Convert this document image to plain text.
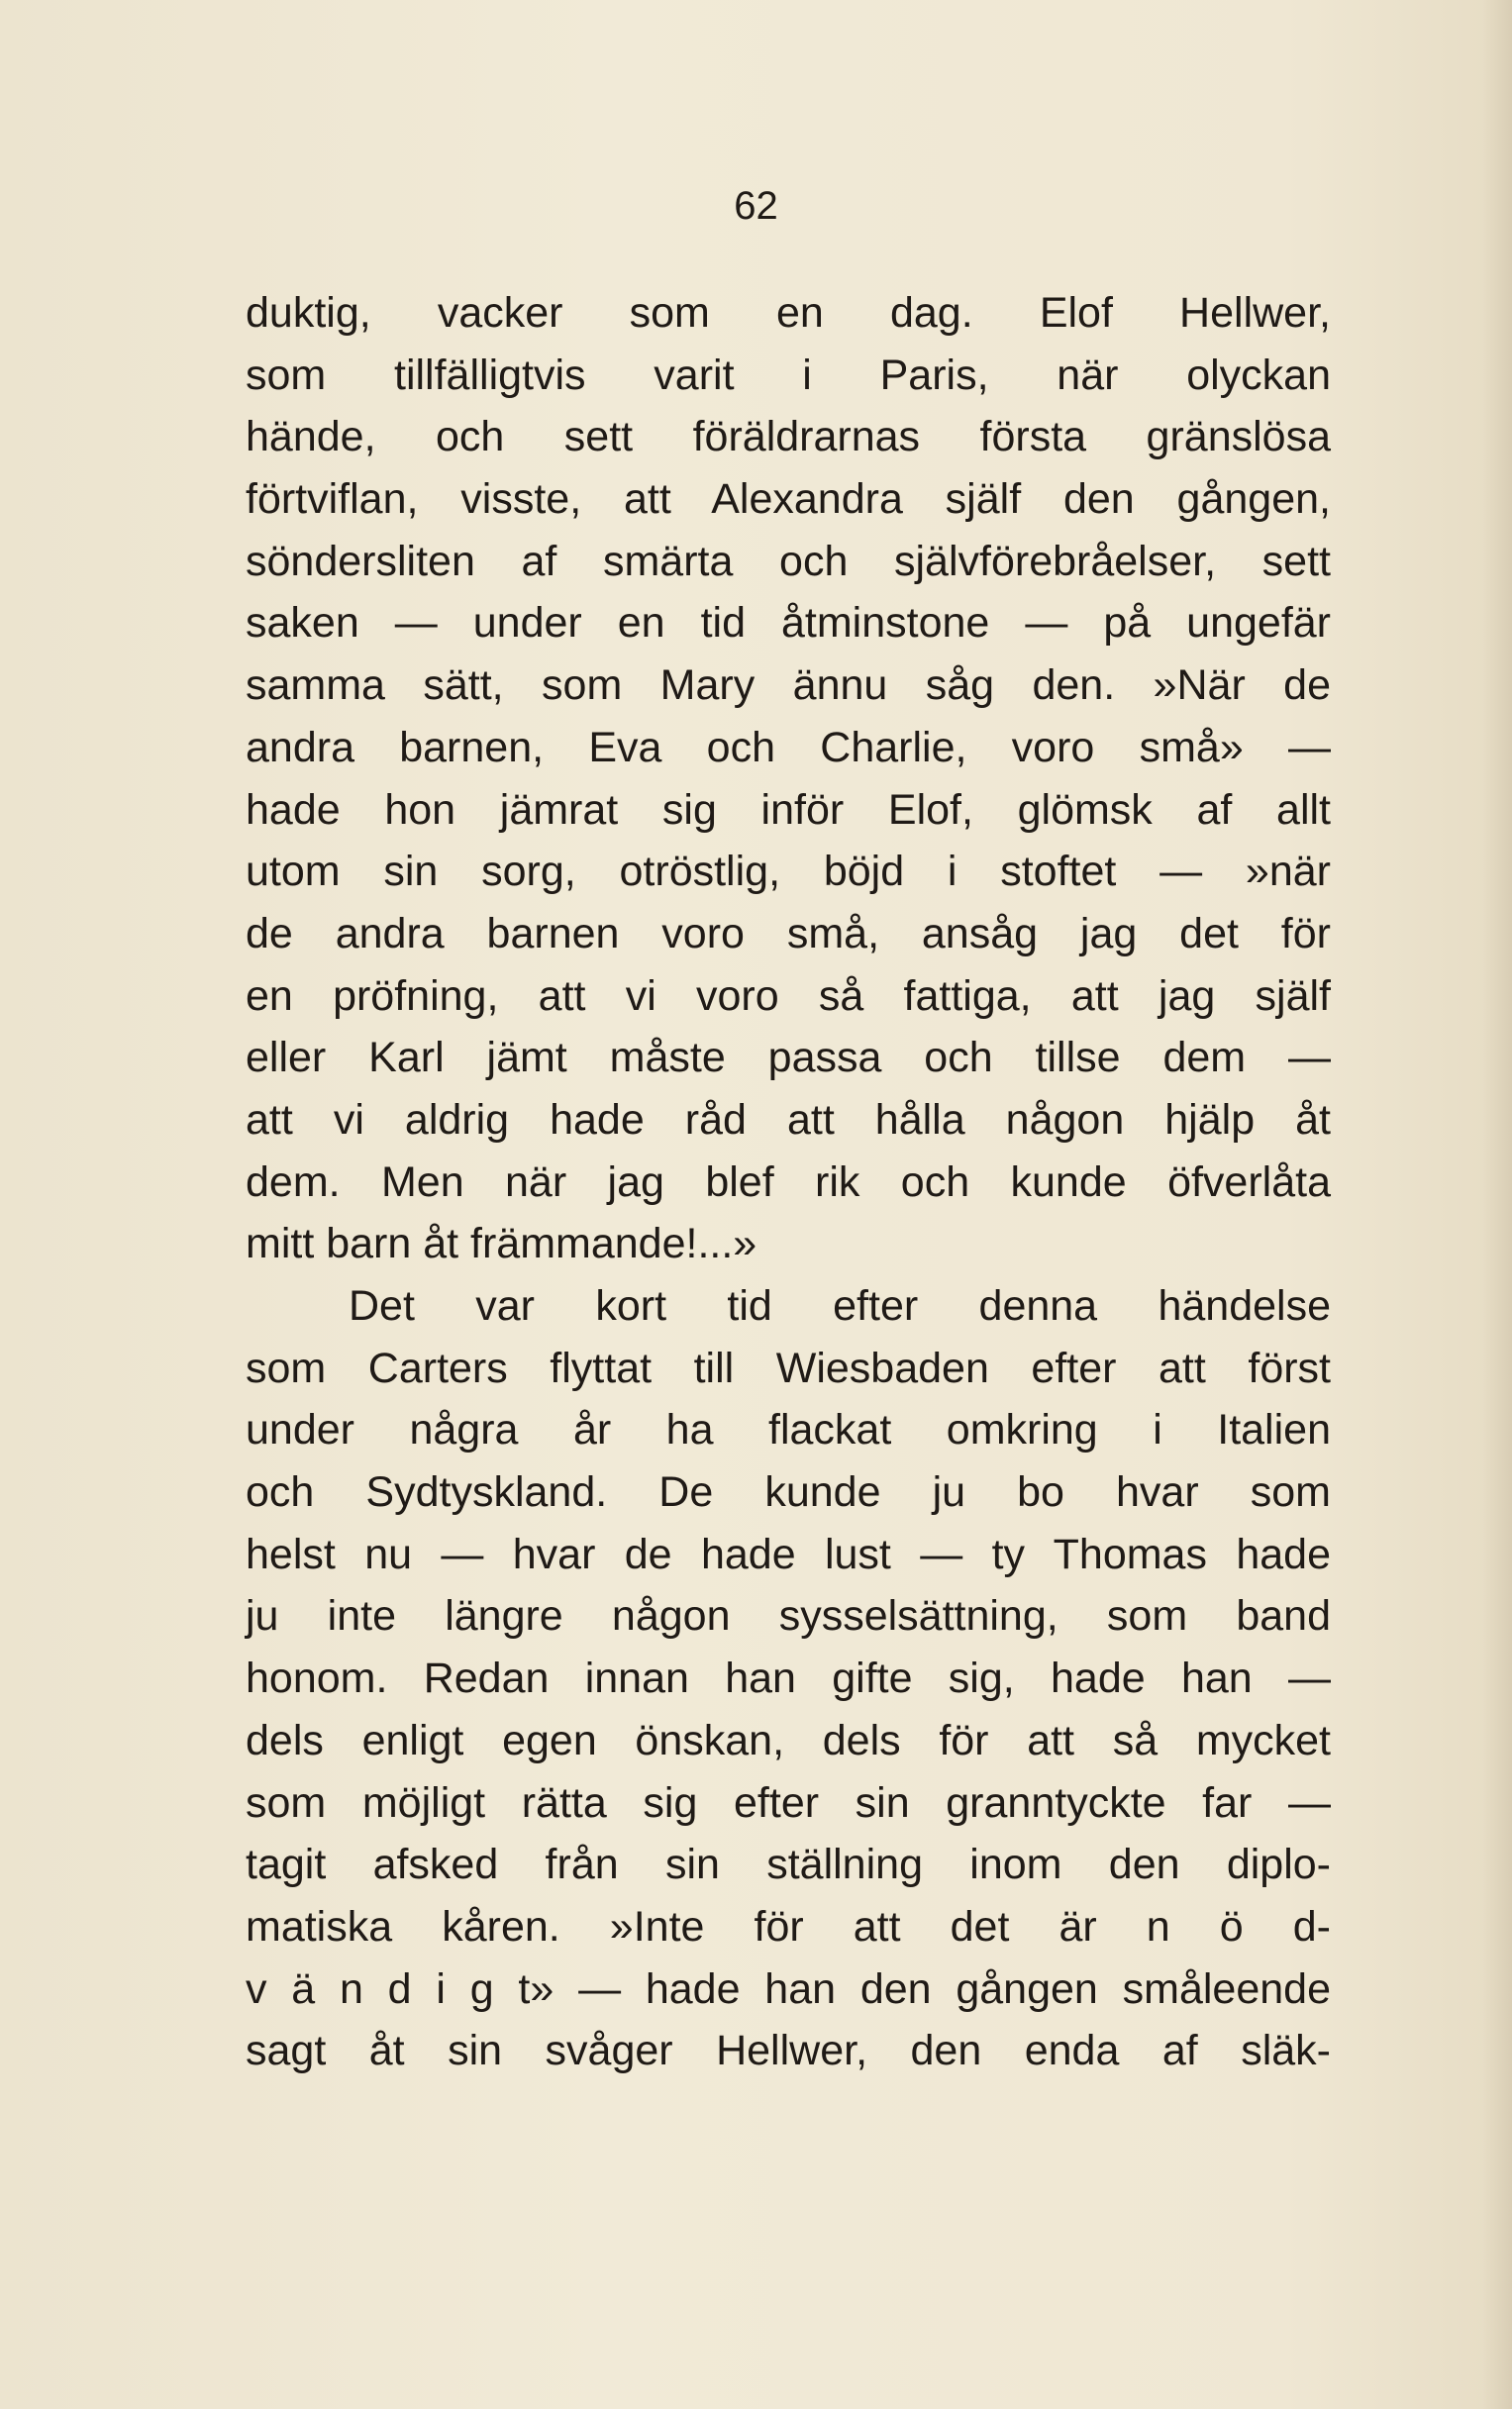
62
duktig, vacker som en dag. Elof Hellwer,
som tillfälligtvis varit i Paris, när olyckan
hände, och sett föräldrarnas första gränslösa
förtviflan, visste, att Alexandra själf den gången,
söndersliten af smärta och självförebråelser, sett
saken — under en tid åtminstone — på ungefär
samma sätt, som Mary ännu såg den. »När de
andra barnen, Eva och Charlie, voro små» —
hade hon jämrat sig inför Elof, glömsk af allt
utom sin sorg, otröstlig, böjd i stoftet — »när
de andra barnen voro små, ansåg jag det för
en pröfning, att vi voro så fattiga, att jag själf
eller Karl jämt måste passa och tillse dem —
att vi aldrig hade råd att hålla någon hjälp åt
dem. Men när jag blef rik och kunde öfverlåta
mitt barn åt främmande!...»
Det var kort tid efter denna händelse
som Carters flyttat till Wiesbaden efter att först
under några år ha flackat omkring i Italien
och Sydtyskland. De kunde ju bo hvar som
helst nu — hvar de hade lust — ty Thomas hade
ju inte längre någon sysselsättning, som band
honom. Redan innan han gifte sig, hade han —
dels enligt egen önskan, dels för att så mycket
som möjligt rätta sig efter sin granntyckte far —
tagit afsked från sin ställning inom den diplo-
matiska kåren. »Inte för att det är n ö d-
v ä n d i g t» — hade han den gången småleende
sagt åt sin svåger Hellwer, den enda af släk-
